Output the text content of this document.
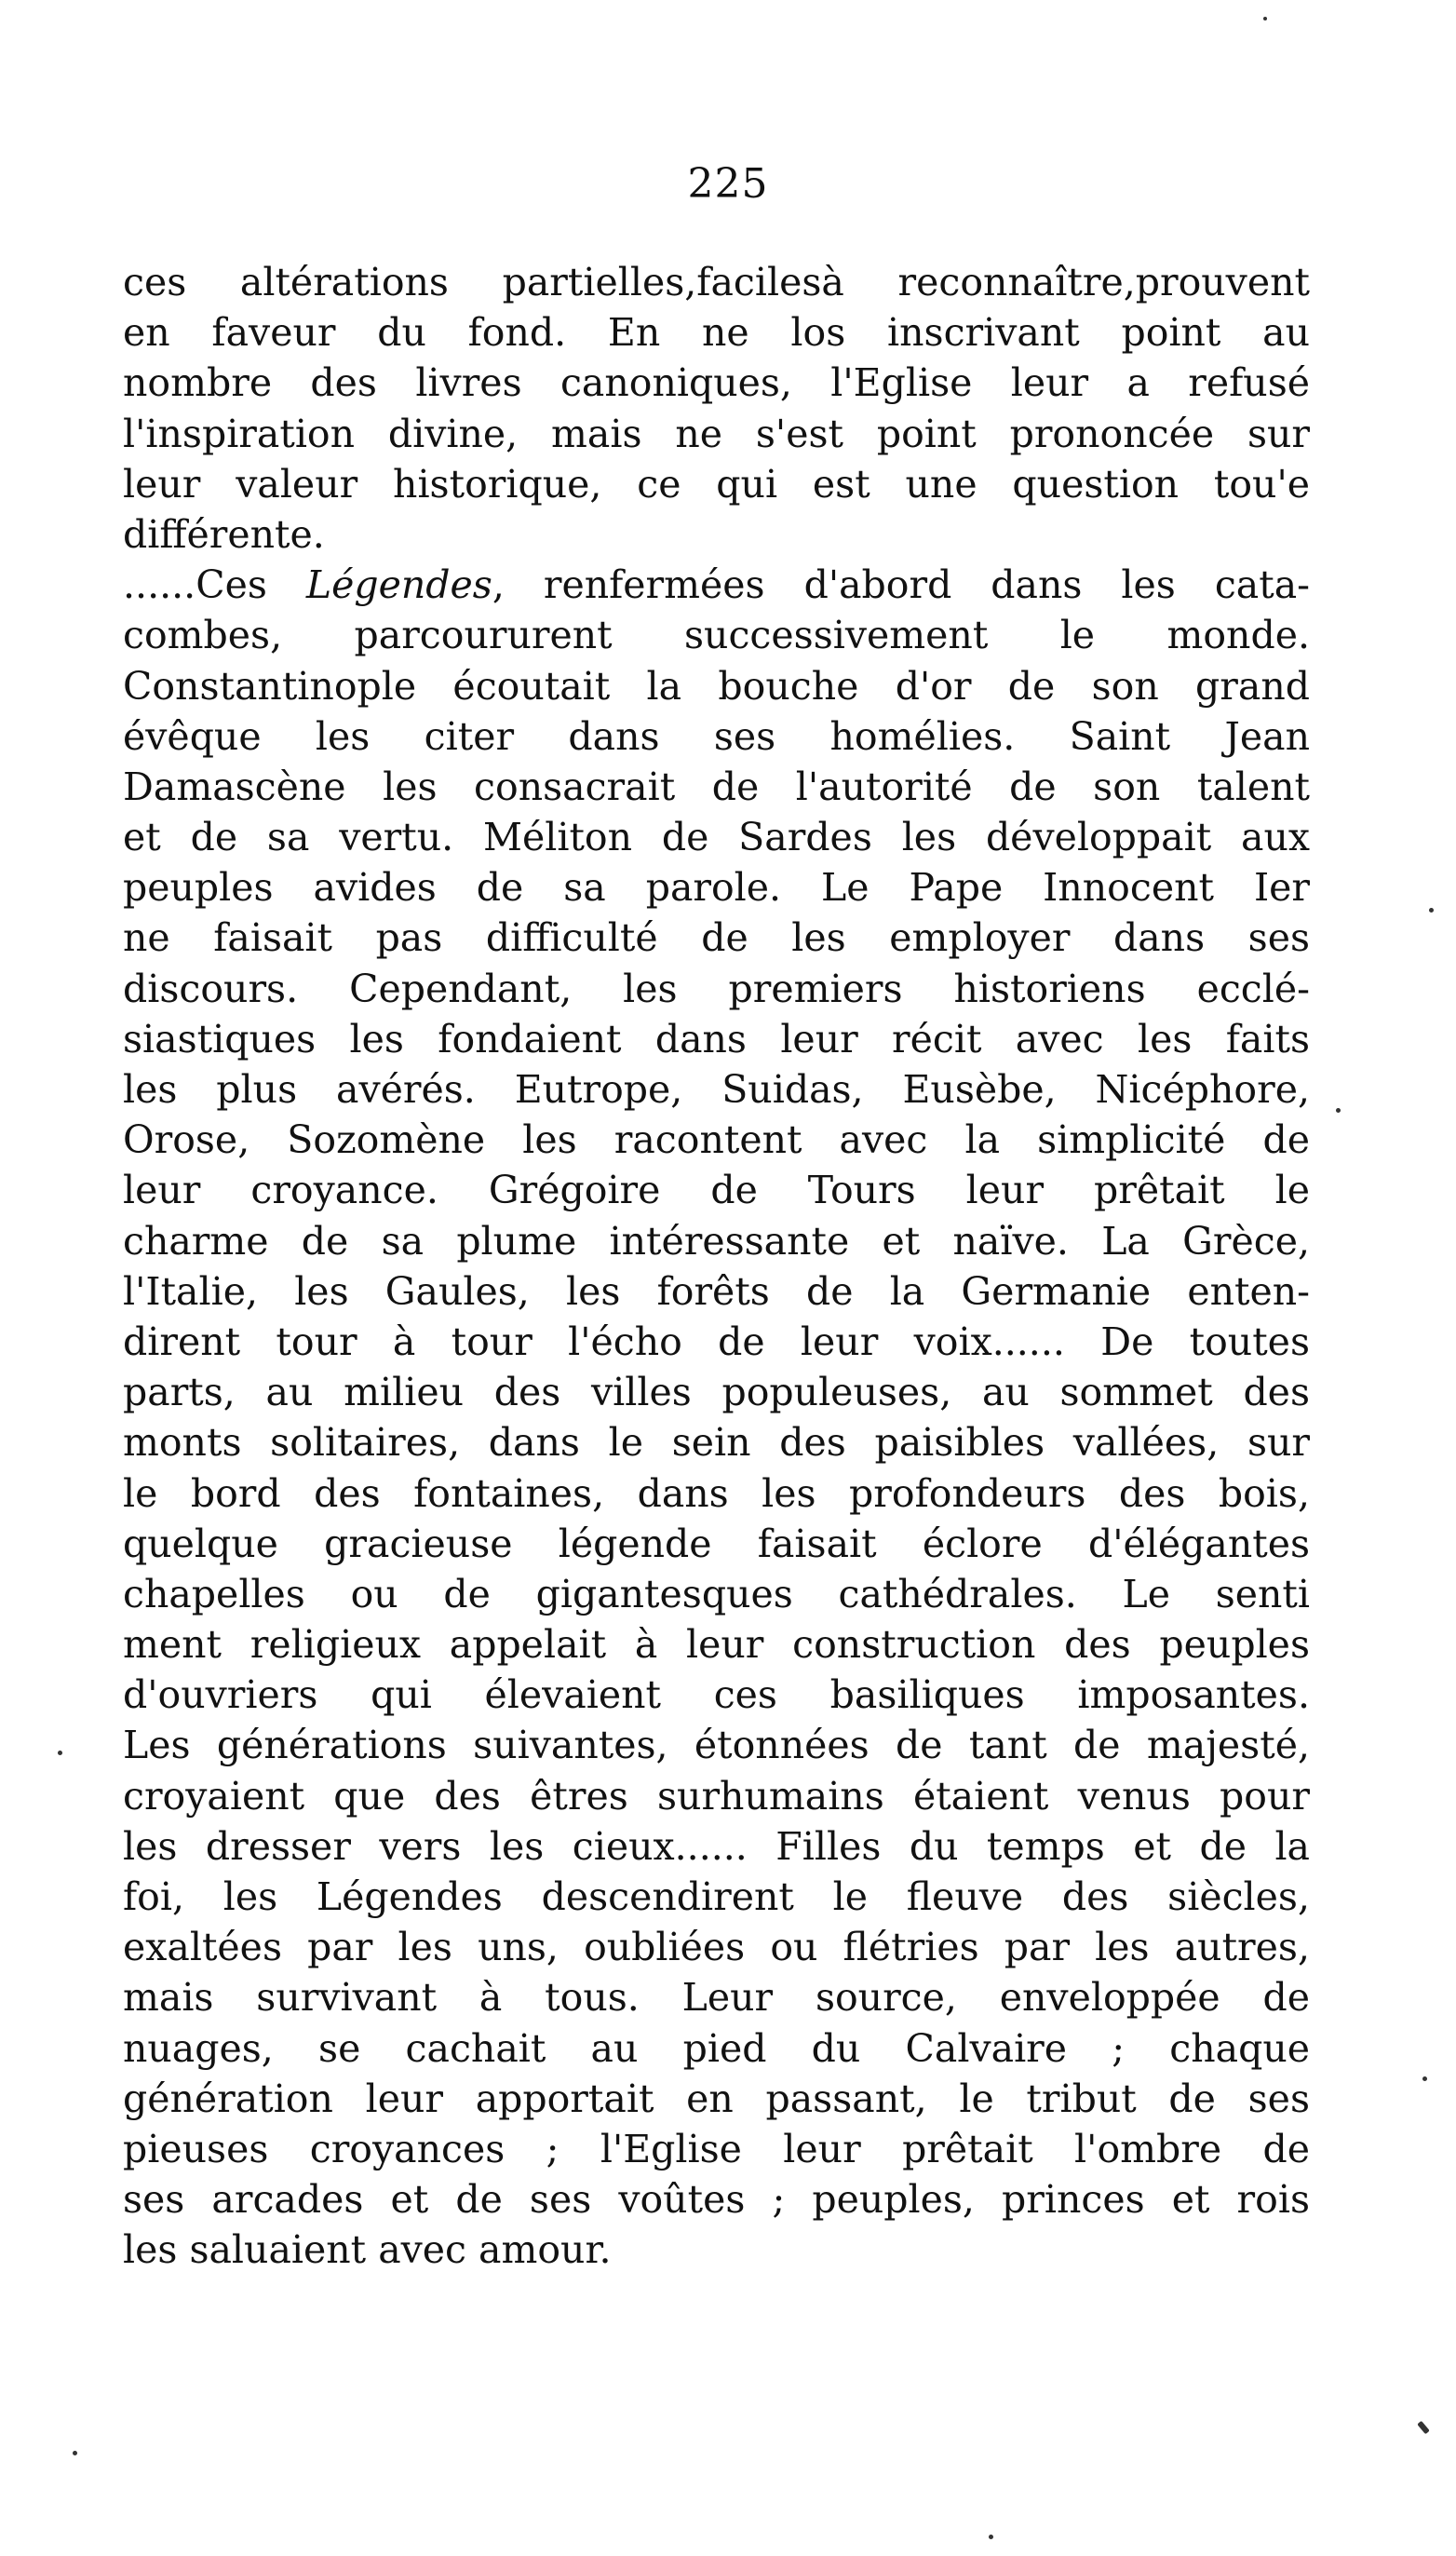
225
ces altérations partielles,facilesà reconnaître,prouvent
en faveur du fond. En ne los inscrivant point au
nombre des livres canoniques, l'Eglise leur a refusé
l'inspiration divine, mais ne s'est point prononcée sur
leur valeur historique, ce qui est une question tou'e
différente.
......Ces Légendes, renfermées d'abord dans les cata-
combes, parcoururent successivement le monde.
Constantinople écoutait la bouche d'or de son grand
évêque les citer dans ses homélies. Saint Jean
Damascène les consacrait de l'autorité de son talent
et de sa vertu. Méliton de Sardes les développait aux
peuples avides de sa parole. Le Pape Innocent Ier
ne faisait pas difficulté de les employer dans ses
discours. Cependant, les premiers historiens ecclé-
siastiques les fondaient dans leur récit avec les faits
les plus avérés. Eutrope, Suidas, Eusèbe, Nicéphore,
Orose, Sozomène les racontent avec la simplicité de
leur croyance. Grégoire de Tours leur prêtait le
charme de sa plume intéressante et naïve. La Grèce,
l'Italie, les Gaules, les forêts de la Germanie enten-
dirent tour à tour l'écho de leur voix...... De toutes
parts, au milieu des villes populeuses, au sommet des
monts solitaires, dans le sein des paisibles vallées, sur
le bord des fontaines, dans les profondeurs des bois,
quelque gracieuse légende faisait éclore d'élégantes
chapelles ou de gigantesques cathédrales. Le senti
ment religieux appelait à leur construction des peuples
d'ouvriers qui élevaient ces basiliques imposantes.
Les générations suivantes, étonnées de tant de majesté,
croyaient que des êtres surhumains étaient venus pour
les dresser vers les cieux...... Filles du temps et de la
foi, les Légendes descendirent le fleuve des siècles,
exaltées par les uns, oubliées ou flétries par les autres,
mais survivant à tous. Leur source, enveloppée de
nuages, se cachait au pied du Calvaire ; chaque
génération leur apportait en passant, le tribut de ses
pieuses croyances ; l'Eglise leur prêtait l'ombre de
ses arcades et de ses voûtes ; peuples, princes et rois
les saluaient avec amour.
